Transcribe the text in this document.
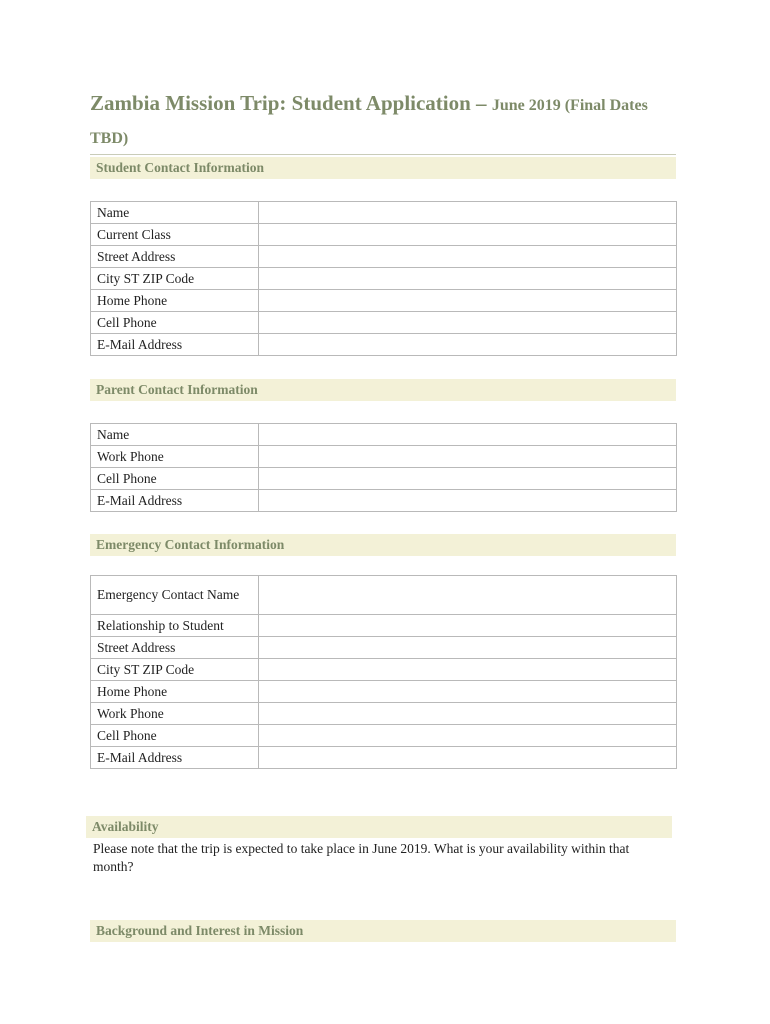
Zambia Mission Trip: Student Application – June 2019 (Final Dates TBD)
Student Contact Information
Name	
Current Class	
Street Address	
City ST ZIP Code	
Home Phone	
Cell Phone	
E-Mail Address	
Parent Contact Information
Name	
Work Phone	
Cell Phone	
E-Mail Address	
Emergency Contact Information
Emergency Contact Name	
Relationship to Student	
Street Address	
City ST ZIP Code	
Home Phone	
Work Phone	
Cell Phone	
E-Mail Address	
Availability

Please note that the trip is expected to take place in June 2019. What is your availability within that month?

Background and Interest in Mission
